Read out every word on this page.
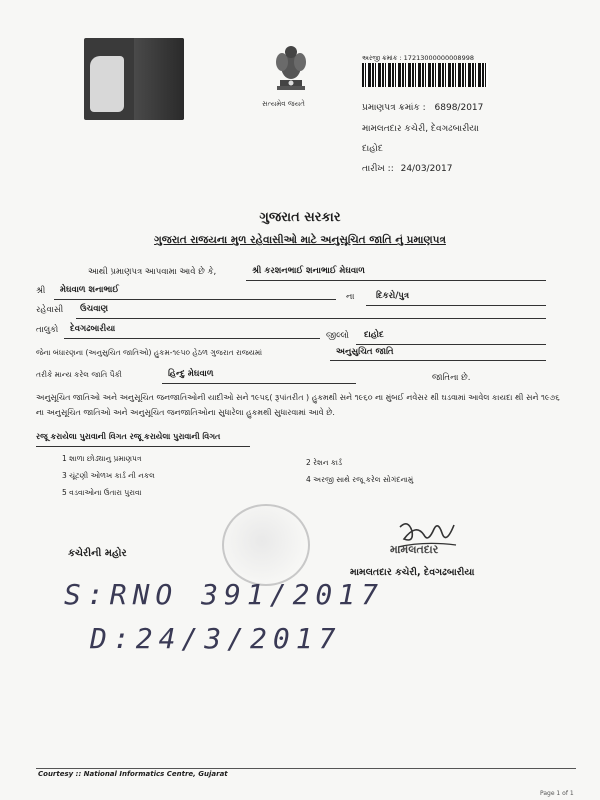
સત્યમેવ જયતે
અરજી ક્રમાંક : 17213000000008998
પ્રમાણપત્ર ક્રમાંક : 6898/2017
મામલતદાર કચેરી, દેવગઢબારીયા
દાહોદ
તારીખ :: 24/03/2017
ગુજરાત સરકાર
ગુજરાત રાજયના મુળ રહેવાસીઓ માટે અનુસૂચિત જાતિ નું પ્રમાણપત્ર
આથી પ્રમાણપત્ર આપવામા આવે છે કે,	શ્રી કરશનભાઈ શનાભાઈ મેઘવાળ
શ્રી મેઘવાળ શનાભાઈ
ના	દિકરો/પુત્ર
રહેવાસી ઉચવાણ
તાલુકો દેવગઢબારીયા
જીલ્લો દાહોદ
જેના બંધારણના (અનુસુચિત જાતિઓ) હુકમ-૧૯૫૦ હેઠળ ગુજરાત રાજયમાં	અનુસુચિત જાતિ
તરીકે માન્ય કરેલ જાતિ પૈકી	હિન્દુ મેઘવાળ	જાતિના છે.
અનુસૂચિત જાતિઓ અને અનુસૂચિત જનજાતિઓની યાદીઓ સને ૧૯૫૬( રૂપાંતરીત ) હુકમથી સને ૧૯૬૦ ના મુંબઈ નવેસર થી ઘડવામાં આવેલ કાયદા થી સને ૧૯૭૬ ના અનુસૂચિત જાતિઓ અને અનુસૂચિત જનજાતિઓના સુધારેલા હુકમથી સુધારવામાં આવે છે.
રજૂ કરાયેલા પુરાવાની વિગત રજૂ કરાયેલા પુરાવાની વિગત
1 શાળા છોડ્યાનુ પ્રમાણપત્ર	2 રેશન કાર્ડ
3 ચૂંટણી ઓળખ કાર્ડ ની નકલ	4 અરજી સાથે રજૂ કરેલ સોગંદનામું
5 વડવાઓના ઉતારા પુરાવા
કચેરીની મહોર	મામલતદાર
મામલતદાર કચેરી, દેવગઢબારીયા
S:RNO 391/2017
D:24/3/2017
Courtesy :: National Informatics Centre, Gujarat
Page 1 of 1
